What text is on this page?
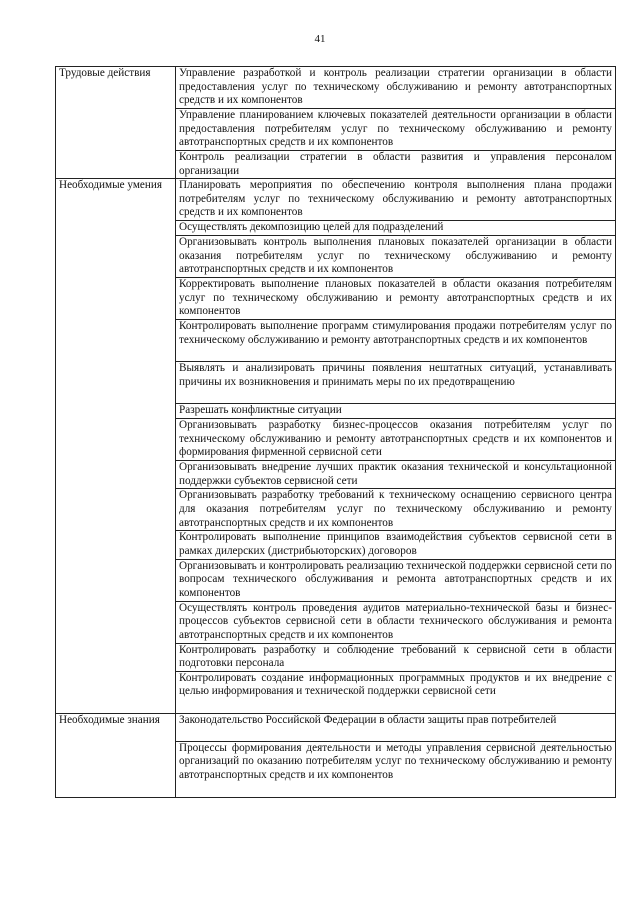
41
Трудовые действия	Управление разработкой и контроль реализации стратегии организации в области предоставления услуг по техническому обслуживанию и ремонту автотранспортных средств и их компонентов

	Управление планированием ключевых показателей деятельности организации в области предоставления потребителям услуг по техническому обслуживанию и ремонту автотранспортных средств и их компонентов

	Контроль реализации стратегии в области развития и управления персоналом организации

Необходимые умения	Планировать мероприятия по обеспечению контроля выполнения плана продажи потребителям услуг по техническому обслуживанию и ремонту автотранспортных средств и их компонентов

	Осуществлять декомпозицию целей для подразделений

	Организовывать контроль выполнения плановых показателей организации в области оказания потребителям услуг по техническому обслуживанию и ремонту автотранспортных средств и их компонентов

	Корректировать выполнение плановых показателей в области оказания потребителям услуг по техническому обслуживанию и ремонту автотранспортных средств и их компонентов

	Контролировать выполнение программ стимулирования продажи потребителям услуг по техническому обслуживанию и ремонту автотранспортных средств и их компонентов

	Выявлять и анализировать причины появления нештатных ситуаций, устанавливать причины их возникновения и принимать меры по их предотвращению

	Разрешать конфликтные ситуации

	Организовывать разработку бизнес-процессов оказания потребителям услуг по техническому обслуживанию и ремонту автотранспортных средств и их компонентов и формирования фирменной сервисной сети

	Организовывать внедрение лучших практик оказания технической и консультационной поддержки субъектов сервисной сети

	Организовывать разработку требований к техническому оснащению сервисного центра для оказания потребителям услуг по техническому обслуживанию и ремонту автотранспортных средств и их компонентов

	Контролировать выполнение принципов взаимодействия субъектов сервисной сети в рамках дилерских (дистрибьюторских) договоров

	Организовывать и контролировать реализацию технической поддержки сервисной сети по вопросам технического обслуживания и ремонта автотранспортных средств и их компонентов

	Осуществлять контроль проведения аудитов материально-технической базы и бизнес-процессов субъектов сервисной сети в области технического обслуживания и ремонта автотранспортных средств и их компонентов

	Контролировать разработку и соблюдение требований к сервисной сети в области подготовки персонала

	Контролировать создание информационных программных продуктов и их внедрение с целью информирования и технической поддержки сервисной сети

Необходимые знания	Законодательство Российской Федерации в области защиты прав потребителей

	Процессы формирования деятельности и методы управления сервисной деятельностью организаций по оказанию потребителям услуг по техническому обслуживанию и ремонту автотранспортных средств и их компонентов
